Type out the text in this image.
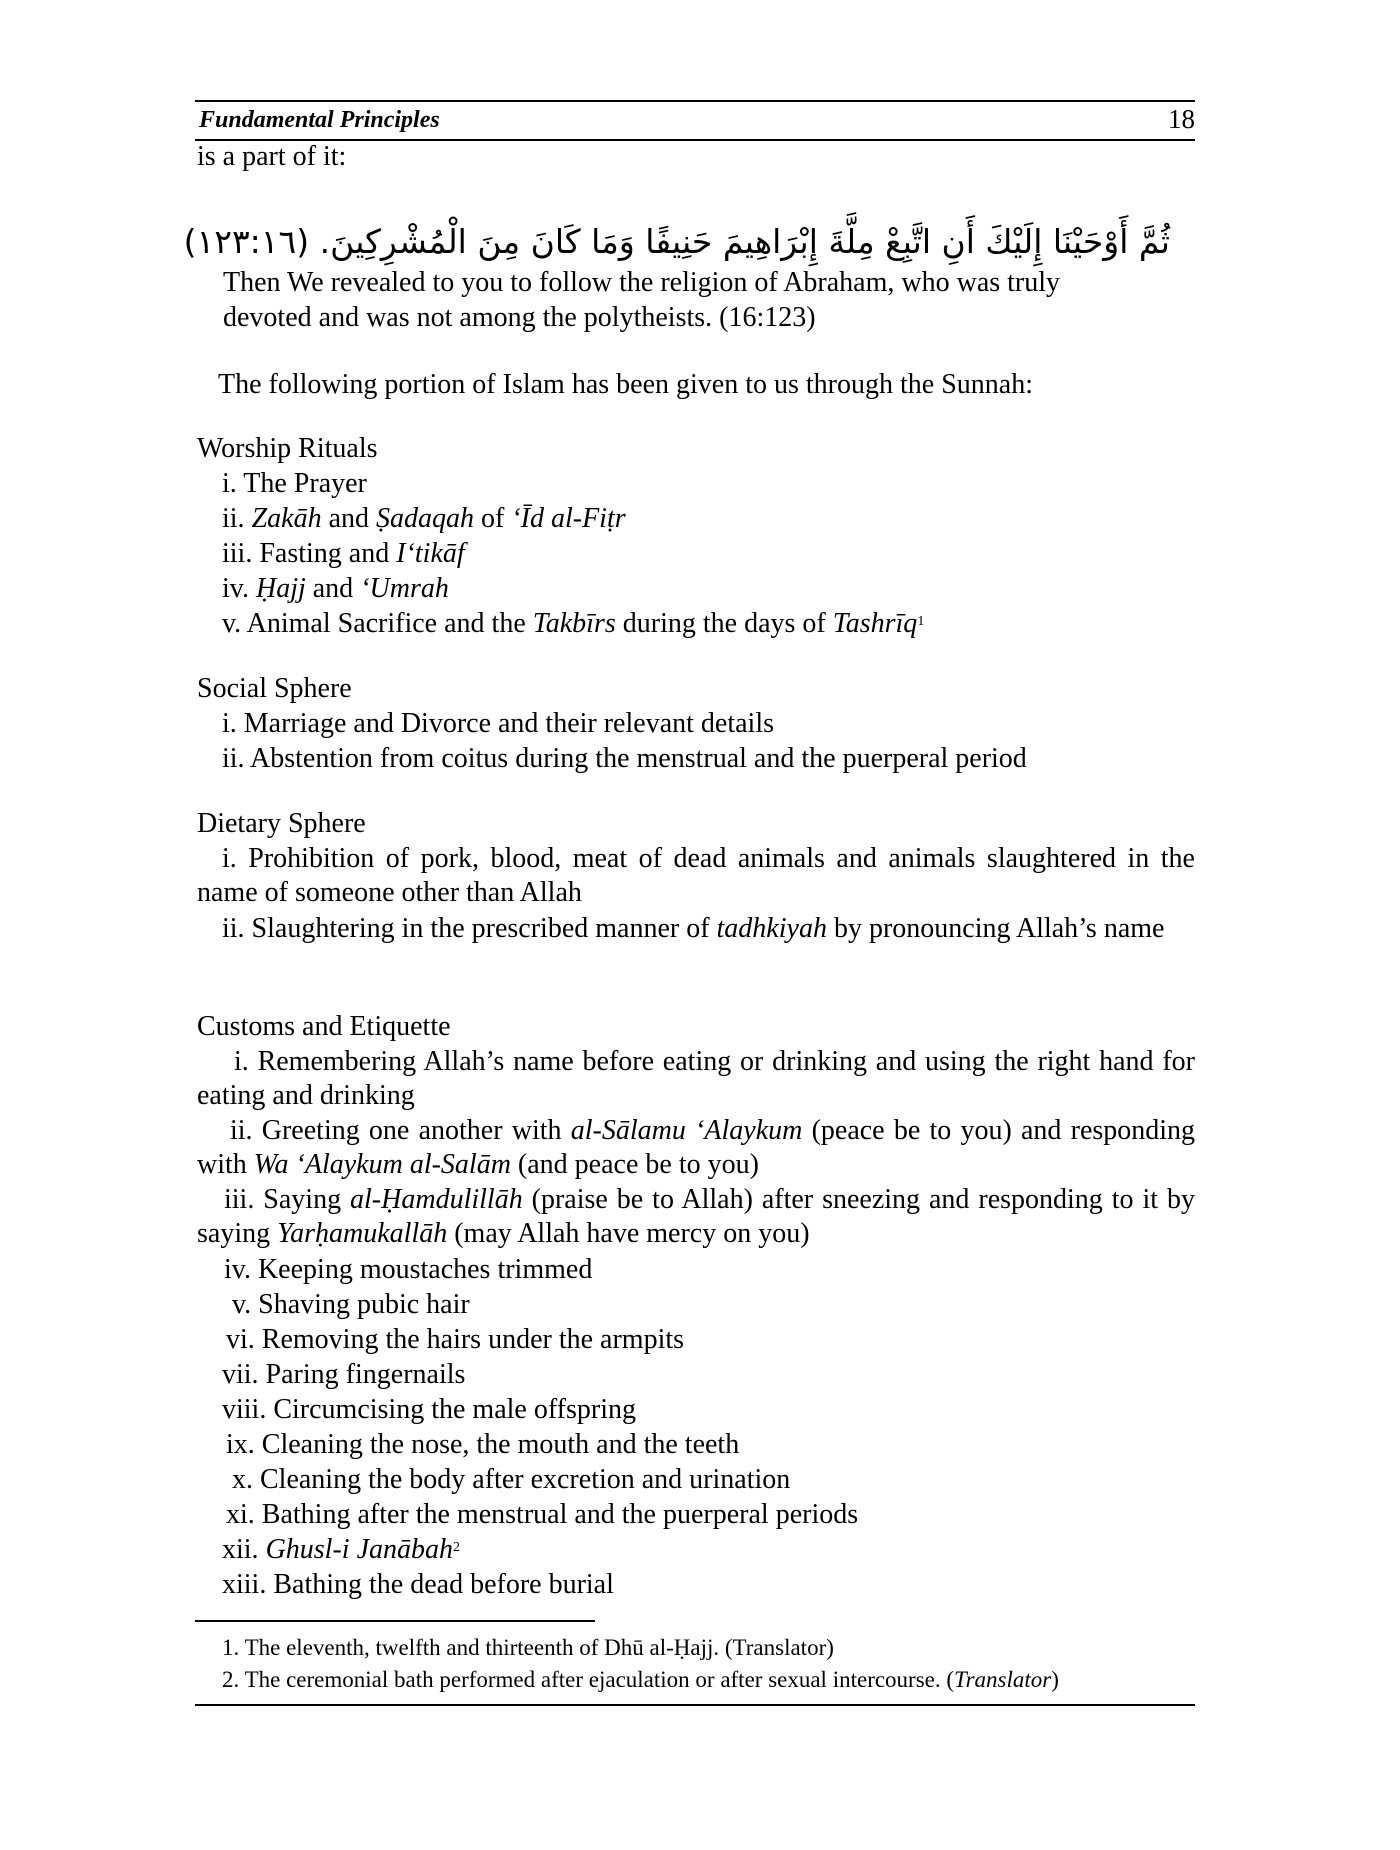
Fundamental Principles	18
is a part of it:
ثُمَّ أَوْحَيْنَا إِلَيْكَ أَنِ اتَّبِعْ مِلَّةَ إِبْرَاهِيمَ حَنِيفًا وَمَا كَانَ مِنَ الْمُشْرِكِينَ. (١٢٣:١٦)
Then We revealed to you to follow the religion of Abraham, who was truly
devoted and was not among the polytheists. (16:123)
The following portion of Islam has been given to us through the Sunnah:
Worship Rituals
i. The Prayer
ii. Zakāh and Ṣadaqah of ‘Īd al-Fiṭr
iii. Fasting and I‘tikāf
iv. Ḥajj and ‘Umrah
v. Animal Sacrifice and the Takbīrs during the days of Tashrīq$^1$
Social Sphere
i. Marriage and Divorce and their relevant details
ii. Abstention from coitus during the menstrual and the puerperal period
Dietary Sphere
i. Prohibition of pork, blood, meat of dead animals and animals slaughtered in the name of someone other than Allah
ii. Slaughtering in the prescribed manner of tadhkiyah by pronouncing Allah’s name
Customs and Etiquette
i. Remembering Allah’s name before eating or drinking and using the right hand for eating and drinking
ii. Greeting one another with al-Sālamu ‘Alaykum (peace be to you) and responding with Wa ‘Alaykum al-Salām (and peace be to you)
iii. Saying al-Ḥamdulillāh (praise be to Allah) after sneezing and responding to it by saying Yarḥamukallāh (may Allah have mercy on you)
iv. Keeping moustaches trimmed
v. Shaving pubic hair
vi. Removing the hairs under the armpits
vii. Paring fingernails
viii. Circumcising the male offspring
ix. Cleaning the nose, the mouth and the teeth
x. Cleaning the body after excretion and urination
xi. Bathing after the menstrual and the puerperal periods
xii. Ghusl-i Janābah$^2$
xiii. Bathing the dead before burial
1. The eleventh, twelfth and thirteenth of Dhū al-Ḥajj. (Translator)
2. The ceremonial bath performed after ejaculation or after sexual intercourse. (Translator)
